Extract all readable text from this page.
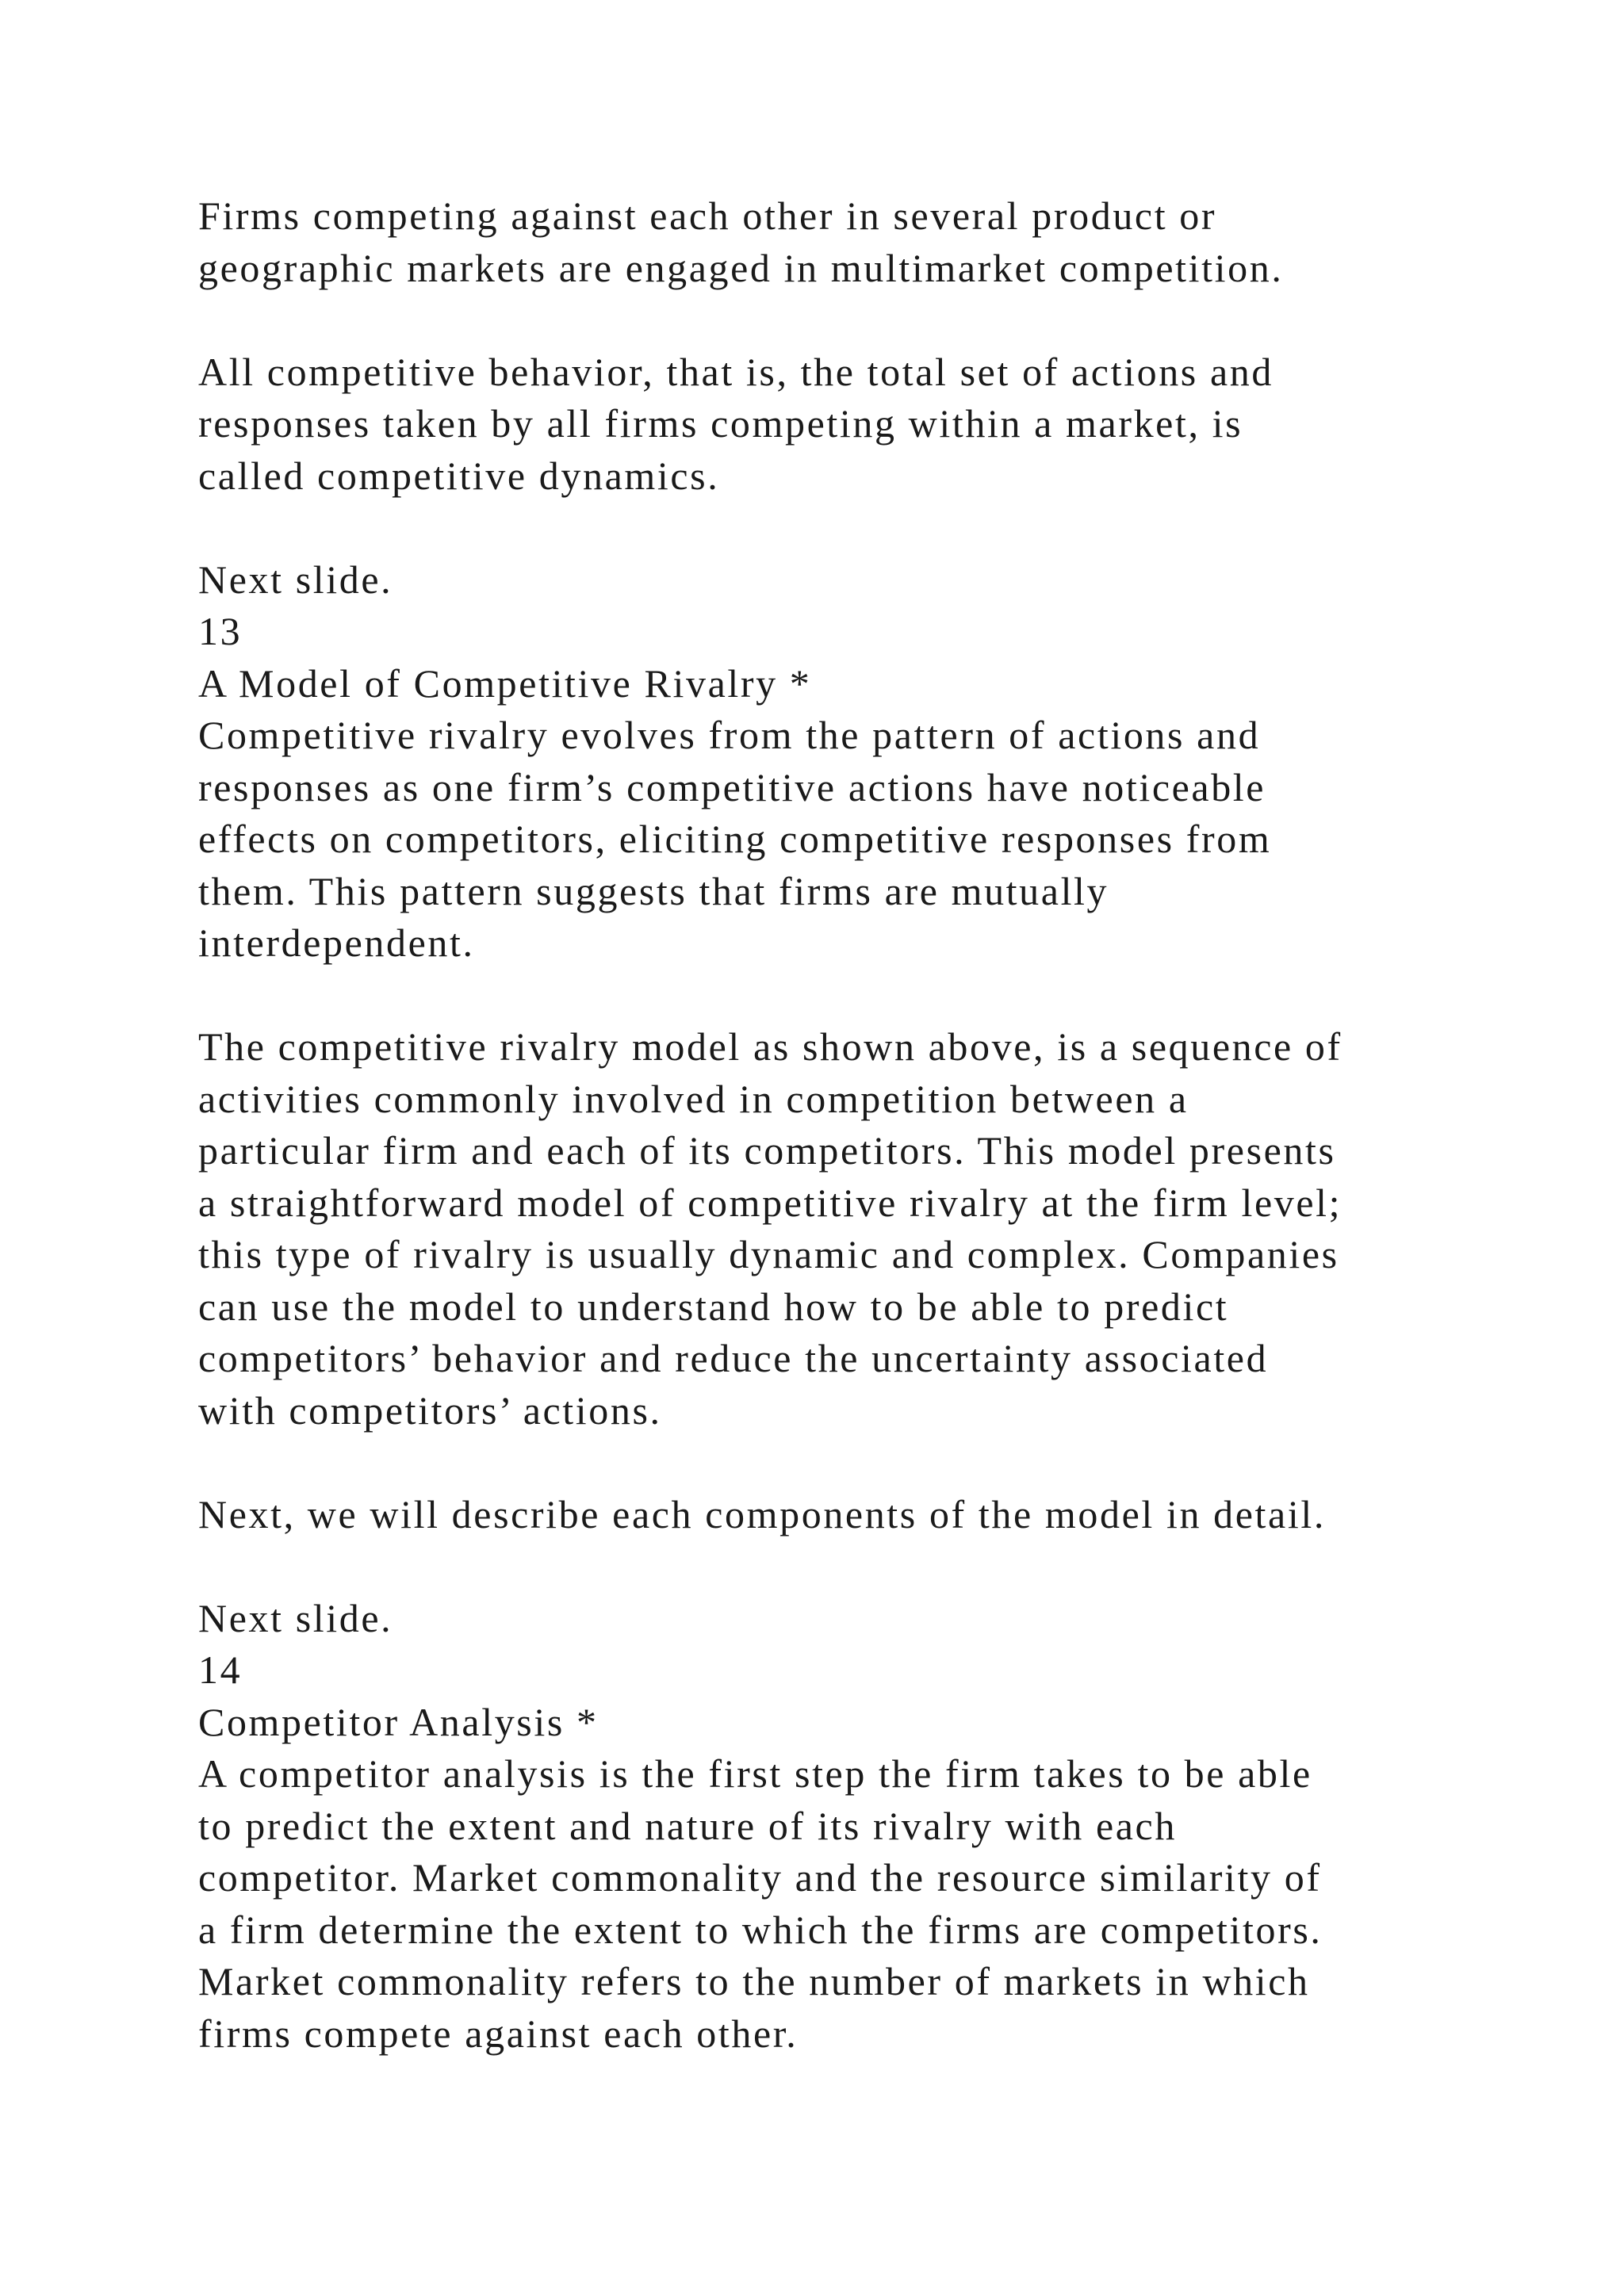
Firms competing against each other in several product or
geographic markets are engaged in multimarket competition.
All competitive behavior, that is, the total set of actions and
responses taken by all firms competing within a market, is
called competitive dynamics.
Next slide.
13
A Model of Competitive Rivalry *
Competitive rivalry evolves from the pattern of actions and
responses as one firm’s competitive actions have noticeable
effects on competitors, eliciting competitive responses from
them. This pattern suggests that firms are mutually
interdependent.
The competitive rivalry model as shown above, is a sequence of
activities commonly involved in competition between a
particular firm and each of its competitors. This model presents
a straightforward model of competitive rivalry at the firm level;
this type of rivalry is usually dynamic and complex. Companies
can use the model to understand how to be able to predict
competitors’ behavior and reduce the uncertainty associated
with competitors’ actions.
Next, we will describe each components of the model in detail.
Next slide.
14
Competitor Analysis *
A competitor analysis is the first step the firm takes to be able
to predict the extent and nature of its rivalry with each
competitor. Market commonality and the resource similarity of
a firm determine the extent to which the firms are competitors.
Market commonality refers to the number of markets in which
firms compete against each other.
